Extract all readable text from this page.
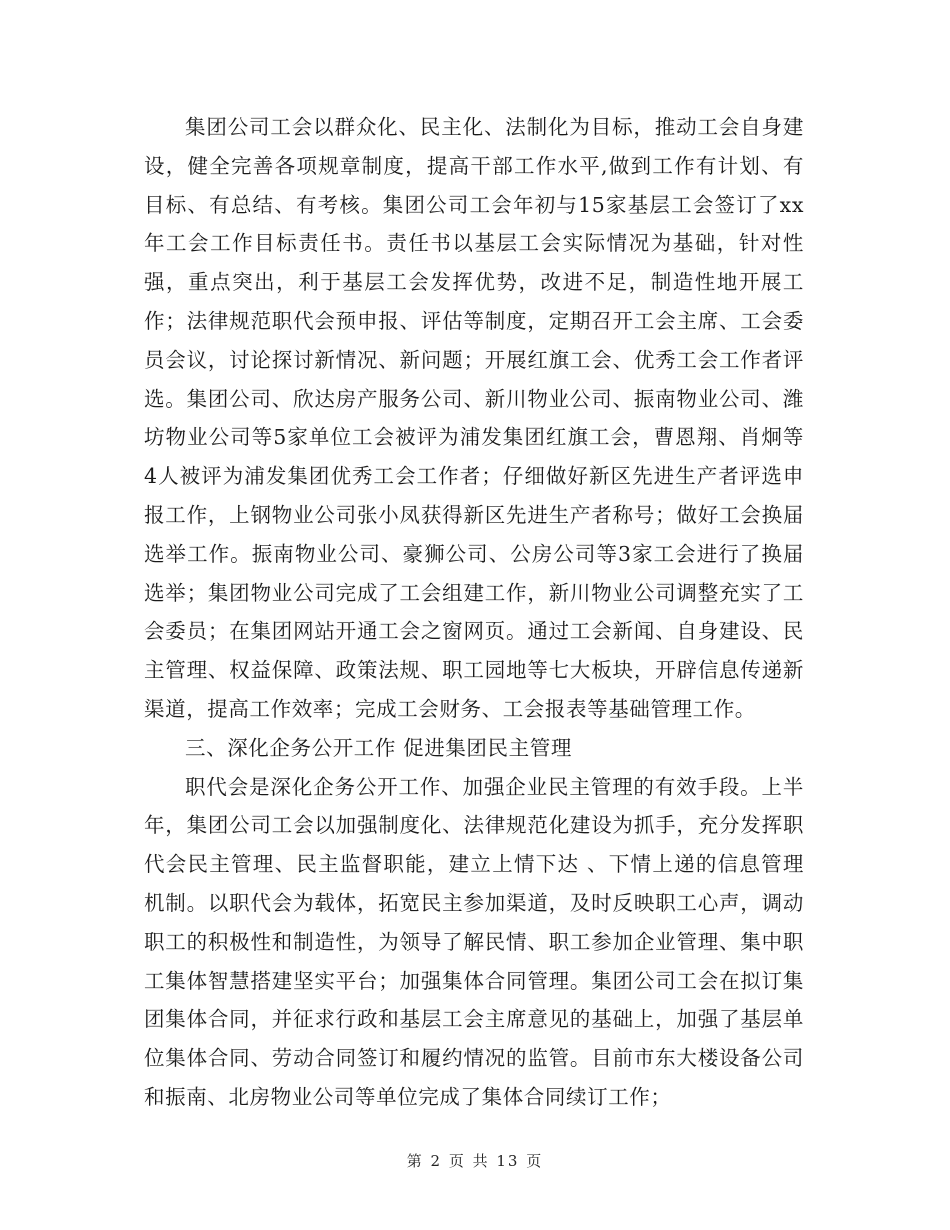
集团公司工会以群众化、民主化、法制化为目标，推动工会自身建设，健全完善各项规章制度，提高干部工作水平,做到工作有计划、有目标、有总结、有考核。集团公司工会年初与15家基层工会签订了xx年工会工作目标责任书。责任书以基层工会实际情况为基础，针对性强，重点突出，利于基层工会发挥优势，改进不足，制造性地开展工作；法律规范职代会预申报、评估等制度，定期召开工会主席、工会委员会议，讨论探讨新情况、新问题；开展红旗工会、优秀工会工作者评选。集团公司、欣达房产服务公司、新川物业公司、振南物业公司、潍坊物业公司等5家单位工会被评为浦发集团红旗工会，曹恩翔、肖炯等4人被评为浦发集团优秀工会工作者；仔细做好新区先进生产者评选申报工作，上钢物业公司张小凤获得新区先进生产者称号；做好工会换届选举工作。振南物业公司、豪狮公司、公房公司等3家工会进行了换届选举；集团物业公司完成了工会组建工作，新川物业公司调整充实了工会委员；在集团网站开通工会之窗网页。通过工会新闻、自身建设、民主管理、权益保障、政策法规、职工园地等七大板块，开辟信息传递新渠道，提高工作效率；完成工会财务、工会报表等基础管理工作。

三、深化企务公开工作 促进集团民主管理

职代会是深化企务公开工作、加强企业民主管理的有效手段。上半年，集团公司工会以加强制度化、法律规范化建设为抓手，充分发挥职代会民主管理、民主监督职能，建立上情下达 、下情上递的信息管理机制。以职代会为载体，拓宽民主参加渠道，及时反映职工心声，调动职工的积极性和制造性，为领导了解民情、职工参加企业管理、集中职工集体智慧搭建坚实平台；加强集体合同管理。集团公司工会在拟订集团集体合同，并征求行政和基层工会主席意见的基础上，加强了基层单位集体合同、劳动合同签订和履约情况的监管。目前市东大楼设备公司和振南、北房物业公司等单位完成了集体合同续订工作；

第 2 页 共 13 页
